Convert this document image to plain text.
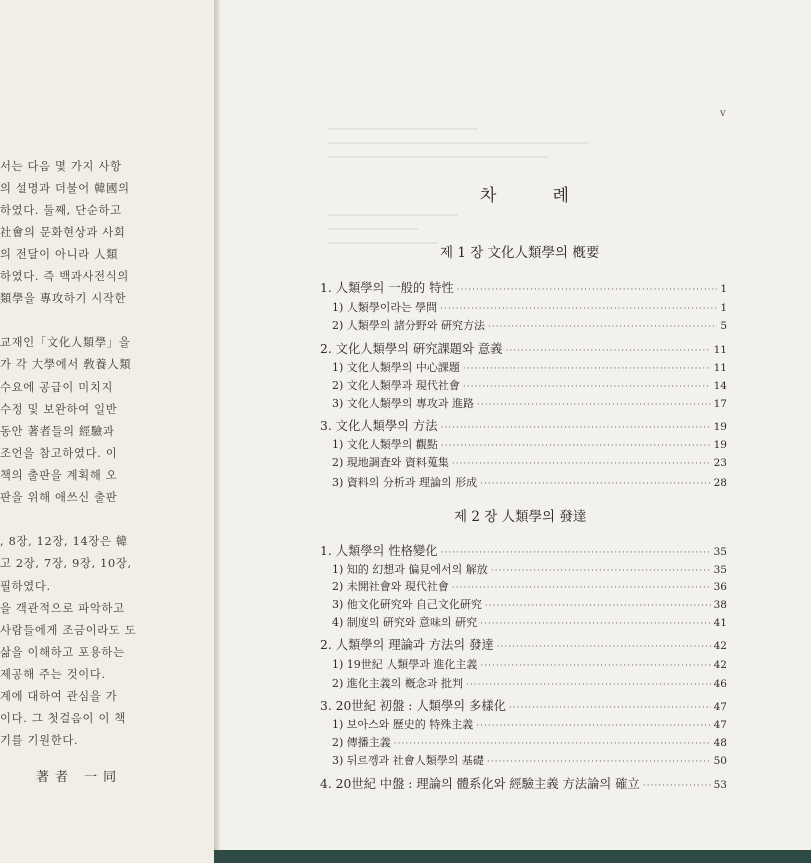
서는 다음 몇 가지 사항
의 설명과 더불어 韓國의
하였다. 둘째, 단순하고
社會의 문화현상과 사회
의 전달이 아니라 人類
하였다. 즉 백과사전식의
類學을 專攻하기 시작한
교재인「文化人類學」을
가 각 大學에서 敎養人類
수요에 공급이 미치지
수정 및 보완하여 일반
동안 著者들의 經驗과
조언을 참고하였다. 이
책의 출판을 계획해 오
판을 위해 애쓰신 출판
, 8장, 12장, 14장은 韓
고 2장, 7장, 9장, 10장,
필하였다.
을 객관적으로 파악하고
사람들에게 조금이라도 도
삶을 이해하고 포용하는
제공해 주는 것이다.
계에 대하여 관심을 가
이다. 그 첫걸음이 이 책
기를 기원한다.
著者 一同
v
차	례
제 1 장 文化人類學의 槪要
1. 人類學의 一般的 特性 ·····	1
1) 人類學이라는 學問 ·····	1
2) 人類學의 諸分野와 硏究方法 ·····	5
2. 文化人類學의 硏究課題와 意義 ·····	11
1) 文化人類學의 中心課題 ·····	11
2) 文化人類學과 現代社會 ·····	14
3) 文化人類學의 專攻과 進路 ·····	17
3. 文化人類學의 方法 ·····	19
1) 文化人類學의 觀點 ·····	19
2) 現地調査와 資料蒐集 ·····	23
3) 資料의 分析과 理論의 形成 ·····	28
제 2 장 人類學의 發達
1. 人類學의 性格變化 ·····	35
1) 知的 幻想과 偏見에서의 解放 ·····	35
2) 未開社會와 現代社會 ·····	36
3) 他文化硏究와 自己文化硏究 ·····	38
4) 制度의 硏究와 意味의 硏究 ·····	41
2. 人類學의 理論과 方法의 發達 ·····	42
1) 19世紀 人類學과 進化主義 ·····	42
2) 進化主義의 槪念과 批判 ·····	46
3. 20世紀 初盤 : 人類學의 多樣化 ·····	47
1) 보아스와 歷史的 特殊主義 ·····	47
2) 傳播主義 ·····	48
3) 뒤르껭과 社會人類學의 基礎 ·····	50
4. 20世紀 中盤 : 理論의 體系化와 經驗主義 方法論의 確立 ·····	53
